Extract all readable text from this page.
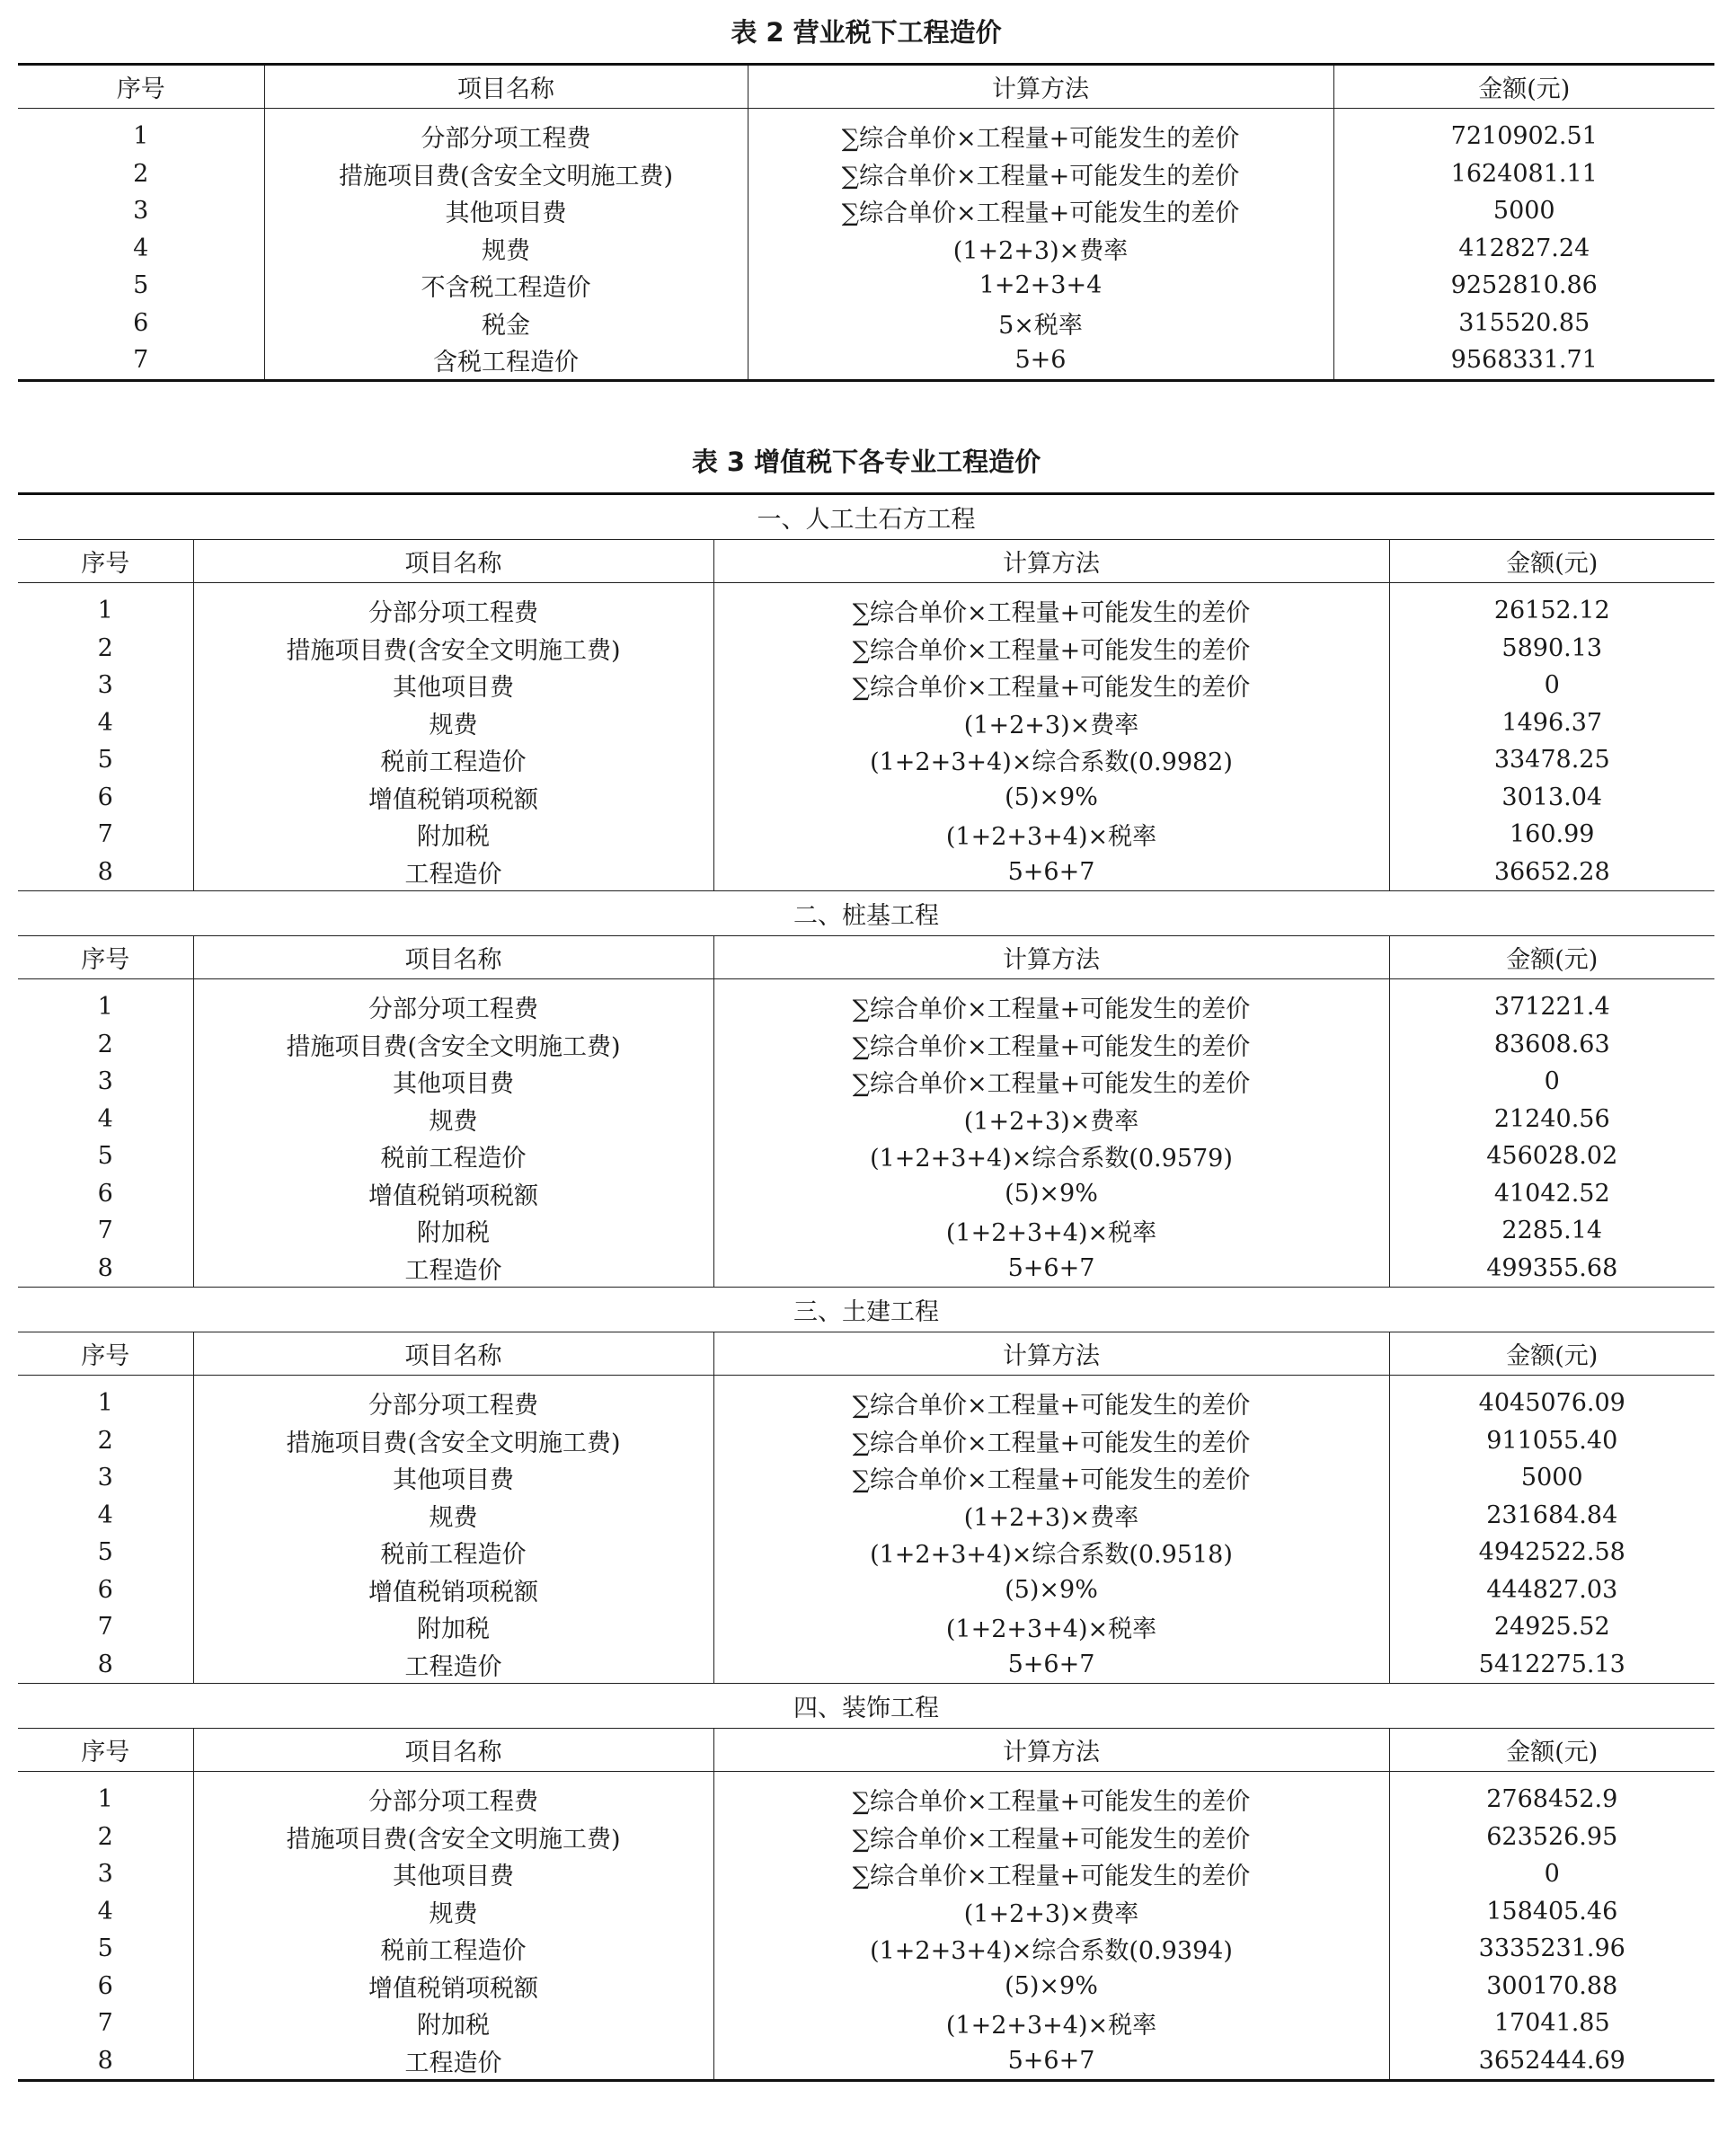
表 2 营业税下工程造价
序号	项目名称	计算方法	金额(元)
1	分部分项工程费	∑综合单价×工程量+可能发生的差价	7210902.51
2	措施项目费(含安全文明施工费)	∑综合单价×工程量+可能发生的差价	1624081.11
3	其他项目费	∑综合单价×工程量+可能发生的差价	5000
4	规费	(1+2+3)×费率	412827.24
5	不含税工程造价	1+2+3+4	9252810.86
6	税金	5×税率	315520.85
7	含税工程造价	5+6	9568331.71
表 3 增值税下各专业工程造价
一、人工土石方工程			
序号	项目名称	计算方法	金额(元)
1	分部分项工程费	∑综合单价×工程量+可能发生的差价	26152.12
2	措施项目费(含安全文明施工费)	∑综合单价×工程量+可能发生的差价	5890.13
3	其他项目费	∑综合单价×工程量+可能发生的差价	0
4	规费	(1+2+3)×费率	1496.37
5	税前工程造价	(1+2+3+4)×综合系数(0.9982)	33478.25
6	增值税销项税额	(5)×9%	3013.04
7	附加税	(1+2+3+4)×税率	160.99
8	工程造价	5+6+7	36652.28
二、桩基工程			
序号	项目名称	计算方法	金额(元)
1	分部分项工程费	∑综合单价×工程量+可能发生的差价	371221.4
2	措施项目费(含安全文明施工费)	∑综合单价×工程量+可能发生的差价	83608.63
3	其他项目费	∑综合单价×工程量+可能发生的差价	0
4	规费	(1+2+3)×费率	21240.56
5	税前工程造价	(1+2+3+4)×综合系数(0.9579)	456028.02
6	增值税销项税额	(5)×9%	41042.52
7	附加税	(1+2+3+4)×税率	2285.14
8	工程造价	5+6+7	499355.68
三、土建工程			
序号	项目名称	计算方法	金额(元)
1	分部分项工程费	∑综合单价×工程量+可能发生的差价	4045076.09
2	措施项目费(含安全文明施工费)	∑综合单价×工程量+可能发生的差价	911055.40
3	其他项目费	∑综合单价×工程量+可能发生的差价	5000
4	规费	(1+2+3)×费率	231684.84
5	税前工程造价	(1+2+3+4)×综合系数(0.9518)	4942522.58
6	增值税销项税额	(5)×9%	444827.03
7	附加税	(1+2+3+4)×税率	24925.52
8	工程造价	5+6+7	5412275.13
四、装饰工程			
序号	项目名称	计算方法	金额(元)
1	分部分项工程费	∑综合单价×工程量+可能发生的差价	2768452.9
2	措施项目费(含安全文明施工费)	∑综合单价×工程量+可能发生的差价	623526.95
3	其他项目费	∑综合单价×工程量+可能发生的差价	0
4	规费	(1+2+3)×费率	158405.46
5	税前工程造价	(1+2+3+4)×综合系数(0.9394)	3335231.96
6	增值税销项税额	(5)×9%	300170.88
7	附加税	(1+2+3+4)×税率	17041.85
8	工程造价	5+6+7	3652444.69
